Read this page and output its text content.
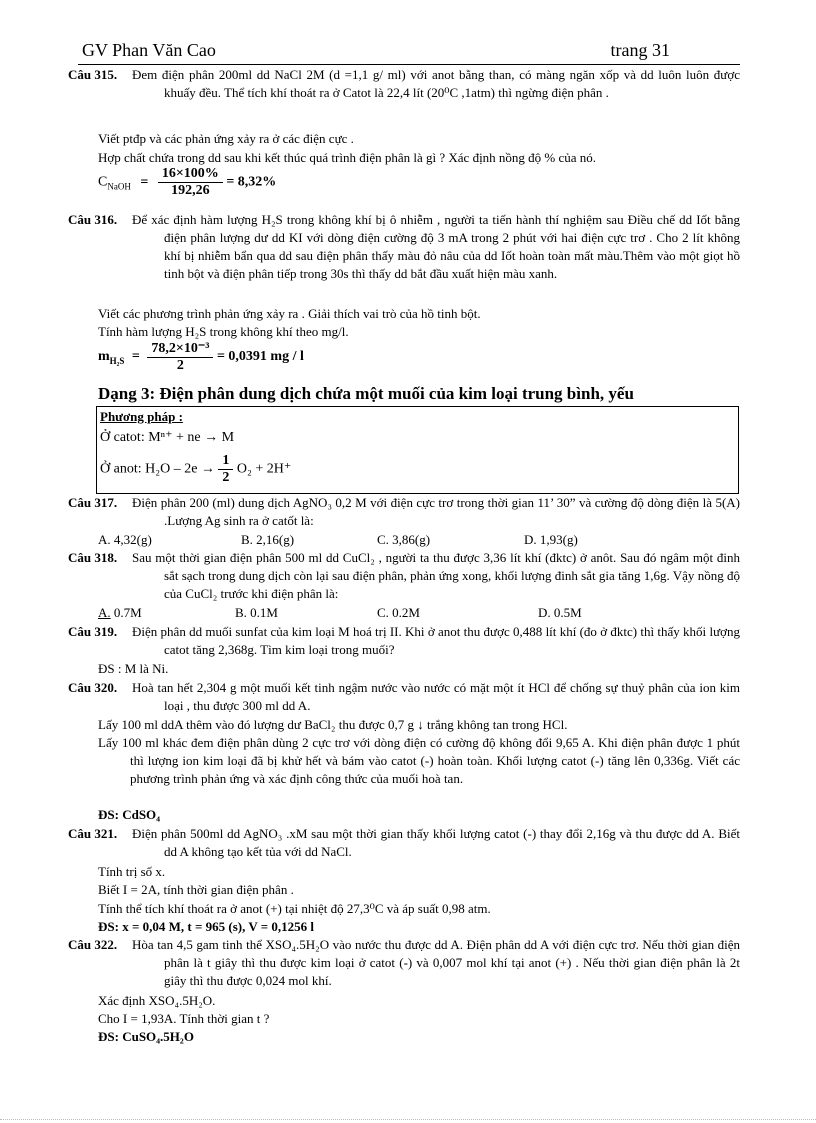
GV Phan Văn Cao	trang 31
Câu 315. Đem điện phân 200ml dd NaCl 2M (d =1,1 g/ ml) với anot bằng than, có màng ngăn xốp và dd luôn luôn được khuấy đều. Thể tích khí thoát ra ở Catot là 22,4 lít (20⁰C ,1atm) thì ngừng điện phân .
Viết ptđp và các phản ứng xảy ra ở các điện cực .
Hợp chất chứa trong dd sau khi kết thúc quá trình điện phân là gì ? Xác định nồng độ % của nó.
$C_{NaOH} = \frac{16\times 100\%}{192,26} = 8,32\%$
Câu 316. Để xác định hàm lượng H₂S trong không khí bị ô nhiễm , người ta tiến hành thí nghiệm sau Điều chế dd Iốt bằng điện phân lượng dư dd KI với dòng điện cường độ 3 mA trong 2 phút với hai điện cực trơ . Cho 2 lít không khí bị nhiễm bẩn qua dd sau điện phân thấy màu đỏ nâu của dd Iốt hoàn toàn mất màu.Thêm vào một giọt hồ tinh bột và điện phân tiếp trong 30s thì thấy dd bắt đầu xuất hiện màu xanh.
Viết các phương trình phản ứng xảy ra . Giải thích vai trò của hồ tinh bột.
Tính hàm lượng H₂S trong không khí theo mg/l.
$m_{H_2S} = \frac{\text{78,2×10⁻³}}{2} = 0,0391$ mg / l
Dạng 3: Điện phân dung dịch chứa một muối của kim loại trung bình, yếu
Phương pháp :
Ở catot: Mⁿ⁺ + ne → M
Ở anot: $H_2O - 2e \to \frac{1}{2} O_2 + 2H^+$
Câu 317. Điện phân 200 (ml) dung dịch AgNO₃ 0,2 M với điện cực trơ trong thời gian 11’ 30” và cường độ dòng điện là 5(A) .Lượng Ag sinh ra ở catốt là:
A. 4,32(g)	B. 2,16(g)	C. 3,86(g)	D. 1,93(g)
Câu 318. Sau một thời gian điện phân 500 ml dd CuCl₂ , người ta thu được 3,36 lít khí (đktc) ở anôt. Sau đó ngâm một đinh sắt sạch trong dung dịch còn lại sau điện phân, phản ứng xong, khối lượng đinh sắt gia tăng 1,6g. Vậy nồng độ của CuCl₂ trước khi điện phân là:
A. 0.7M	B. 0.1M	C. 0.2M	D. 0.5M
Câu 319. Điện phân dd muối sunfat của kim loại M hoá trị II. Khi ở anot thu được 0,488 lít khí (đo ở đktc) thì thấy khối lượng catot tăng 2,368g. Tìm kim loại trong muối?
ĐS : M là Ni.
Câu 320. Hoà tan hết 2,304 g một muối kết tinh ngậm nước vào nước có mặt một ít HCl để chống sự thuỷ phân của ion kim loại , thu được 300 ml dd A.
Lấy 100 ml ddA thêm vào đó lượng dư BaCl₂ thu được 0,7 g ↓ trắng không tan trong HCl.
Lấy 100 ml khác đem điện phân dùng 2 cực trơ với dòng điện có cường độ không đổi 9,65 A. Khi điện phân được 1 phút thì lượng ion kim loại đã bị khử hết và bám vào catot (-) hoàn toàn. Khối lượng catot (-) tăng lên 0,336g. Viết các phương trình phản ứng và xác định công thức của muối hoà tan.
ĐS: CdSO₄
Câu 321. Điện phân 500ml dd AgNO₃ .xM sau một thời gian thấy khối lượng catot (-) thay đổi 2,16g và thu được dd A. Biết dd A không tạo kết tủa với dd NaCl.
Tính trị số x.
Biết I = 2A, tính thời gian điện phân .
Tính thể tích khí thoát ra ở anot (+) tại nhiệt độ 27,3⁰C và áp suất 0,98 atm.
ĐS: x = 0,04 M, t = 965 (s), V = 0,1256 l
Câu 322. Hòa tan 4,5 gam tinh thể XSO₄.5H₂O vào nước thu được dd A. Điện phân dd A với điện cực trơ. Nếu thời gian điện phân là t giây thì thu được kim loại ở catot (-) và 0,007 mol khí tại anot (+) . Nếu thời gian điện phân là 2t giây thì thu được 0,024 mol khí.
Xác định XSO₄.5H₂O.
Cho I = 1,93A. Tính thời gian t ?
ĐS: CuSO₄.5H₂O
